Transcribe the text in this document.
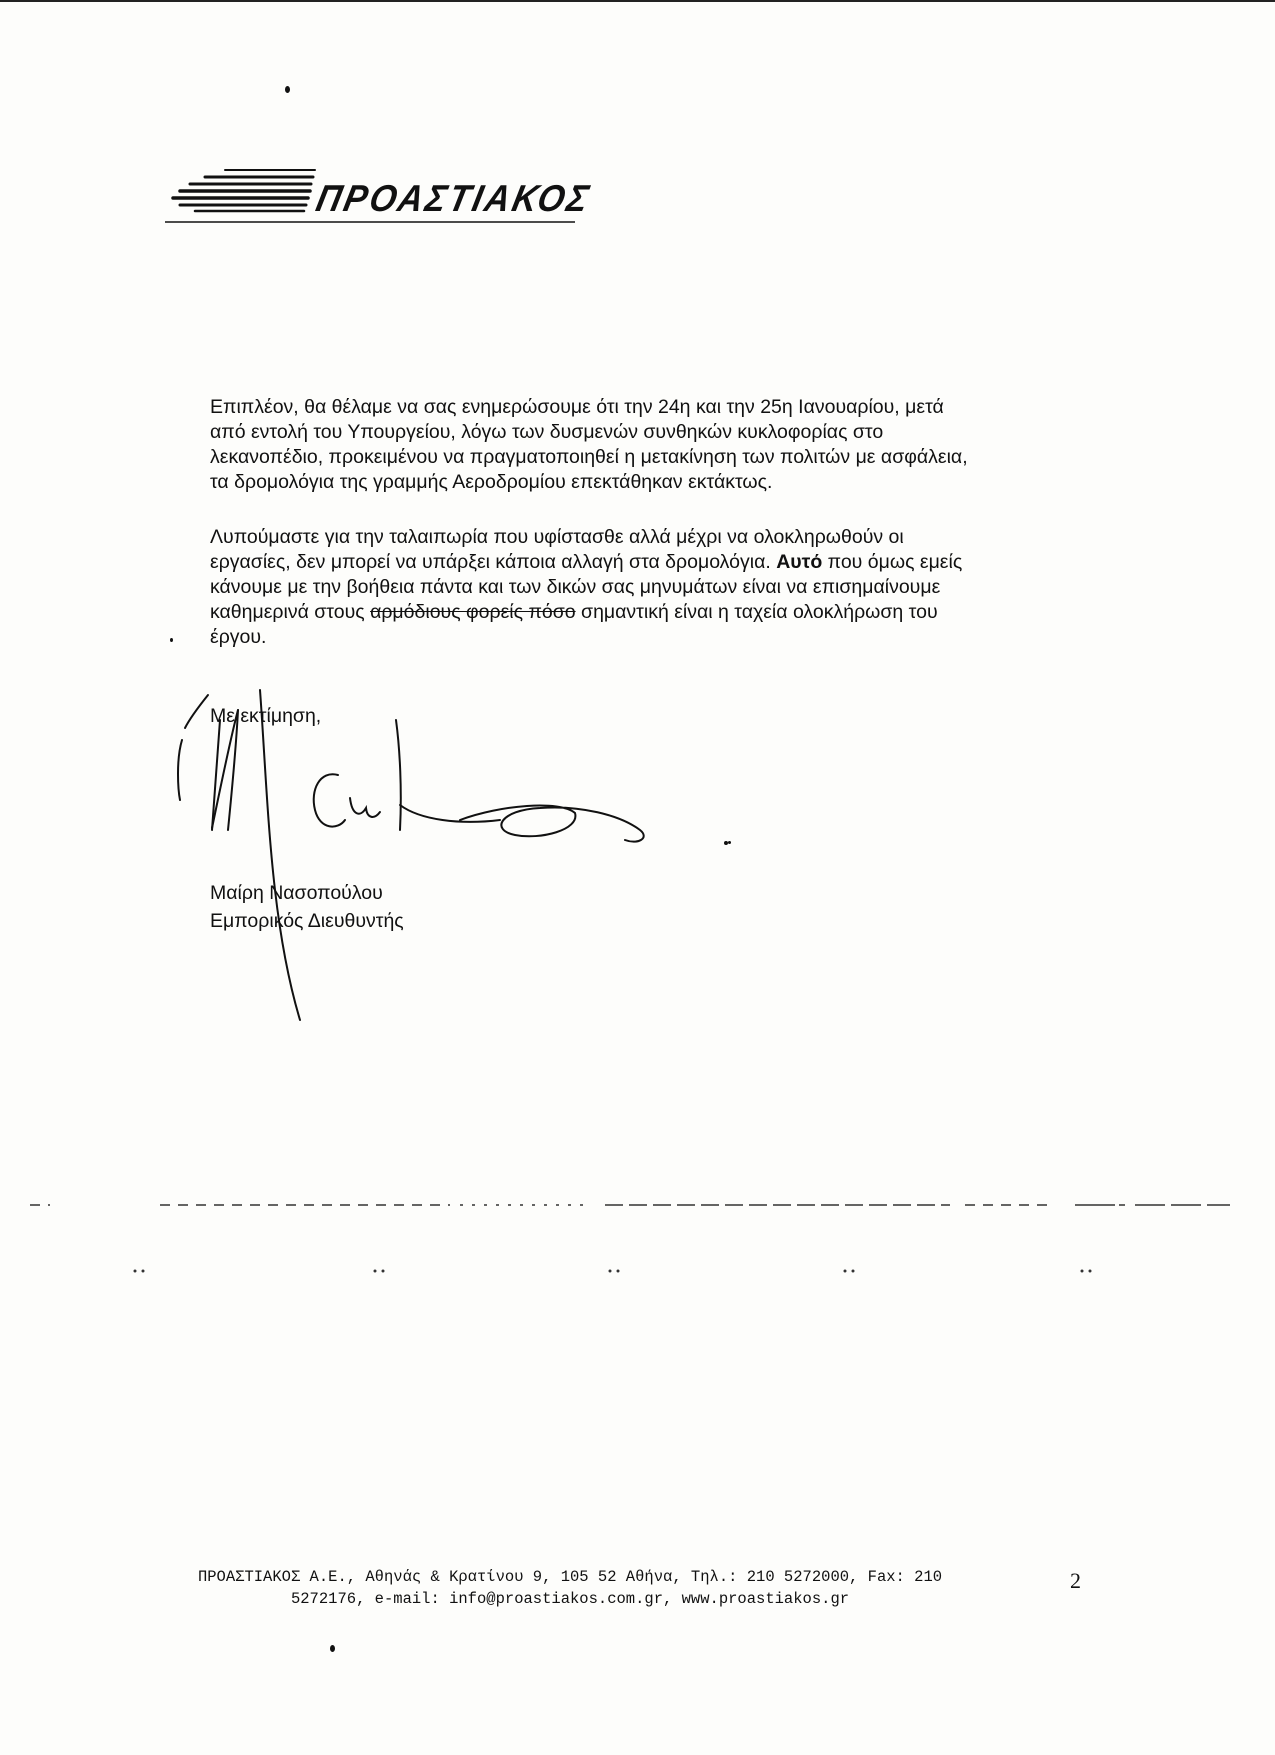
ΠΡΟΑΣΤΙΑΚΟΣ
Επιπλέον, θα θέλαμε να σας ενημερώσουμε ότι την 24η και την 25η Ιανουαρίου, μετά
από εντολή του Υπουργείου, λόγω των δυσμενών συνθηκών κυκλοφορίας στο
λεκανοπέδιο, προκειμένου να πραγματοποιηθεί η μετακίνηση των πολιτών με ασφάλεια,
τα δρομολόγια της γραμμής Αεροδρομίου επεκτάθηκαν εκτάκτως.
Λυπούμαστε για την ταλαιπωρία που υφίστασθε αλλά μέχρι να ολοκληρωθούν οι
εργασίες, δεν μπορεί να υπάρξει κάποια αλλαγή στα δρομολόγια. Αυτό που όμως εμείς
κάνουμε με την βοήθεια πάντα και των δικών σας μηνυμάτων είναι να επισημαίνουμε
καθημερινά στους αρμόδιους φορείς πόσο σημαντική είναι η ταχεία ολοκλήρωση του
έργου.

Με εκτίμηση,

Μαίρη Νασοπούλου

Εμπορικός Διευθυντής

ΠΡΟΑΣΤΙΑΚΟΣ Α.Ε., Αθηνάς & Κρατίνου 9, 105 52 Αθήνα, Τηλ.: 210 5272000, Fax: 210
5272176, e-mail: info@proastiakos.com.gr, www.proastiakos.gr
2
